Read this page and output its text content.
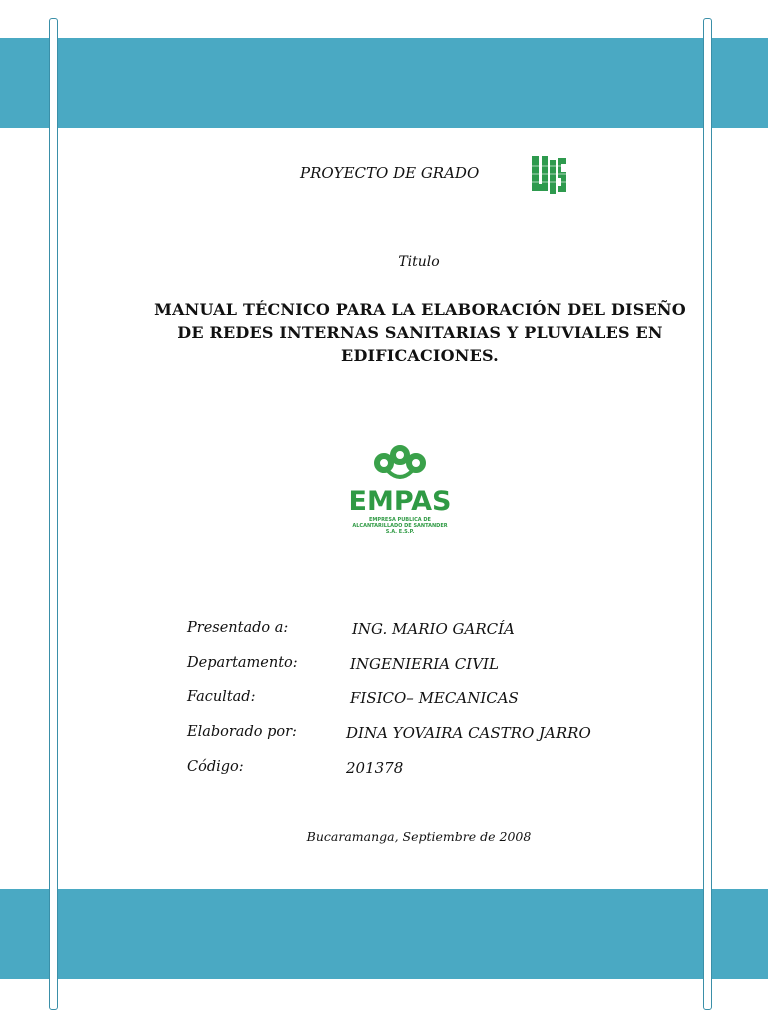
PROYECTO DE GRADO
Titulo
MANUAL TÉCNICO PARA LA ELABORACIÓN DEL DISEÑO
DE REDES INTERNAS SANITARIAS Y PLUVIALES EN
EDIFICACIONES.
EMPAS
EMPRESA PUBLICA DE
ALCANTARILLADO DE SANTANDER
S.A. E.S.P.
Presentado a:	ING. MARIO GARCÍA
Departamento:	INGENIERIA CIVIL
Facultad:	FISICO– MECANICAS
Elaborado por:	DINA YOVAIRA CASTRO JARRO
Código:	201378
Bucaramanga, Septiembre de 2008
